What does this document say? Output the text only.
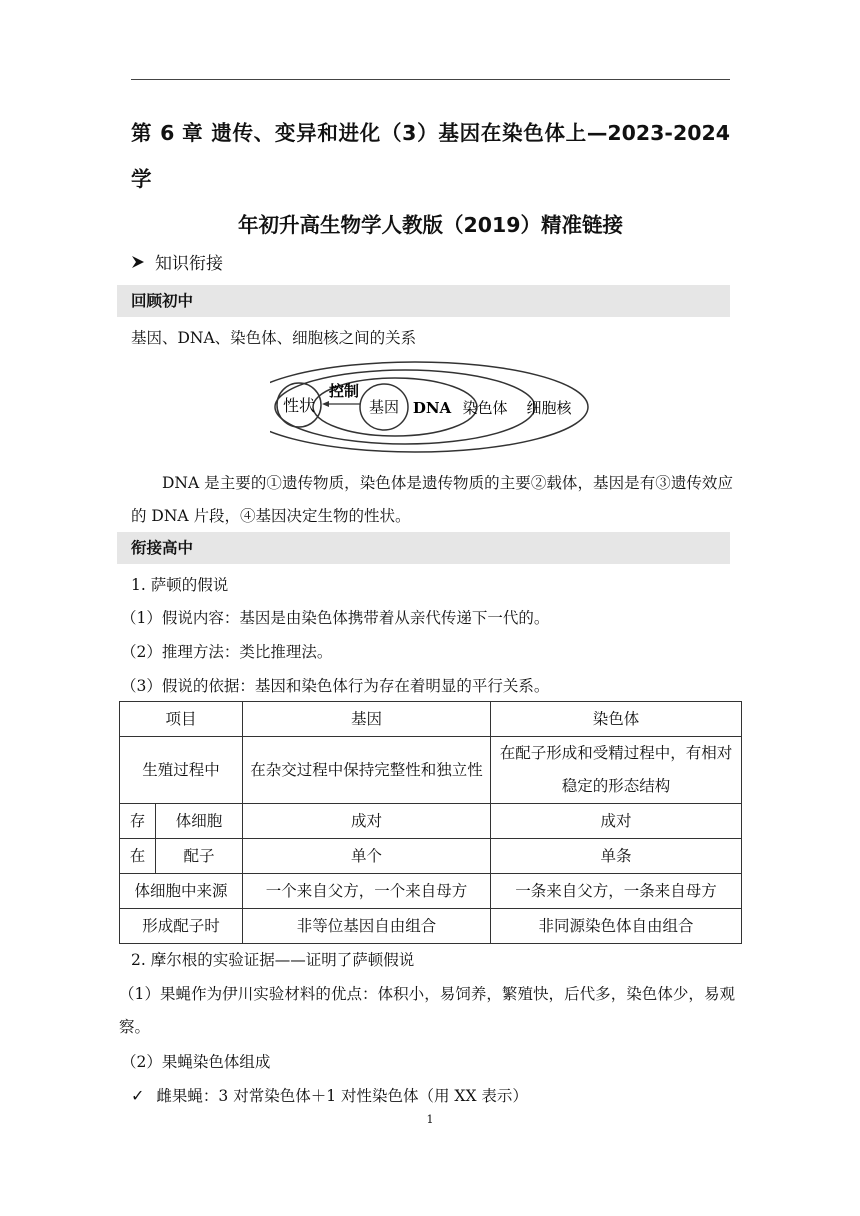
第 6 章 遗传、变异和进化（3）基因在染色体上—2023-2024 学
年初升高生物学人教版（2019）精准链接
知识衔接
回顾初中
基因、DNA、染色体、细胞核之间的关系
性状
控制
基因 DNA 染色体 细胞核
DNA 是主要的①遗传物质，染色体是遗传物质的主要②载体，基因是有③遗传效应的 DNA 片段，④基因决定生物的性状。
衔接高中
1. 萨顿的假说
（1）假说内容：基因是由染色体携带着从亲代传递下一代的。
（2）推理方法：类比推理法。
（3）假说的依据：基因和染色体行为存在着明显的平行关系。
项目		基因	染色体
生殖过程中		在杂交过程中保持完整性和独立性	在配子形成和受精过程中，有相对稳定的形态结构
存	体细胞	成对	成对
在	配子	单个	单条
体细胞中来源		一个来自父方，一个来自母方	一条来自父方，一条来自母方
形成配子时		非等位基因自由组合	非同源染色体自由组合
2. 摩尔根的实验证据——证明了萨顿假说
（1）果蝇作为伊川实验材料的优点：体积小，易饲养，繁殖快，后代多，染色体少，易观察。
（2）果蝇染色体组成
✓ 雌果蝇：3 对常染色体＋1 对性染色体（用 XX 表示）
1
